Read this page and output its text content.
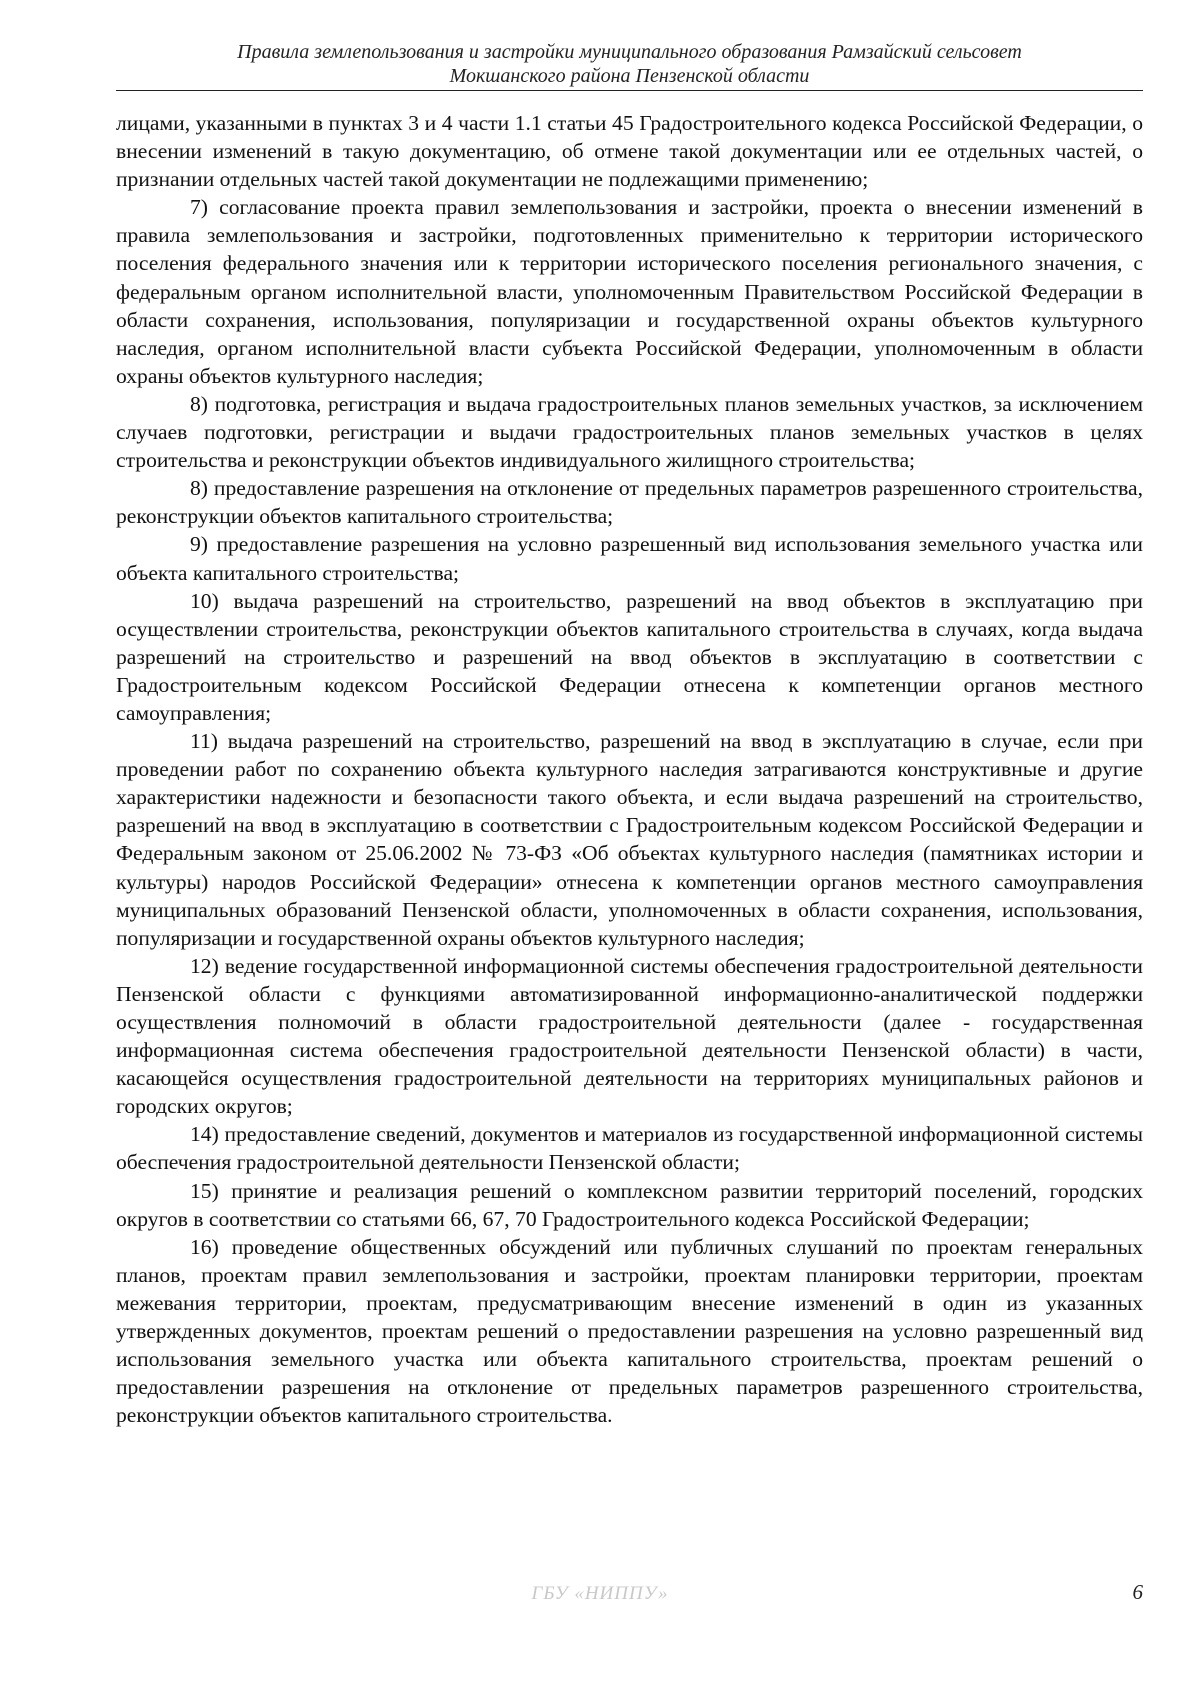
Правила землепользования и застройки муниципального образования Рамзайский сельсовет
Мокшанского района Пензенской области

лицами, указанными в пунктах 3 и 4 части 1.1 статьи 45 Градостроительного кодекса Российской Федерации, о внесении изменений в такую документацию, об отмене такой документации или ее отдельных частей, о признании отдельных частей такой документации не подлежащими применению;

7) согласование проекта правил землепользования и застройки, проекта о внесении изменений в правила землепользования и застройки, подготовленных применительно к территории исторического поселения федерального значения или к территории исторического поселения регионального значения, с федеральным органом исполнительной власти, уполномоченным Правительством Российской Федерации в области сохранения, использования, популяризации и государственной охраны объектов культурного наследия, органом исполнительной власти субъекта Российской Федерации, уполномоченным в области охраны объектов культурного наследия;

8) подготовка, регистрация и выдача градостроительных планов земельных участков, за исключением случаев подготовки, регистрации и выдачи градостроительных планов земельных участков в целях строительства и реконструкции объектов индивидуального жилищного строительства;

8) предоставление разрешения на отклонение от предельных параметров разрешенного строительства, реконструкции объектов капитального строительства;

9) предоставление разрешения на условно разрешенный вид использования земельного участка или объекта капитального строительства;

10) выдача разрешений на строительство, разрешений на ввод объектов в эксплуатацию при осуществлении строительства, реконструкции объектов капитального строительства в случаях, когда выдача разрешений на строительство и разрешений на ввод объектов в эксплуатацию в соответствии с Градостроительным кодексом Российской Федерации отнесена к компетенции органов местного самоуправления;

11) выдача разрешений на строительство, разрешений на ввод в эксплуатацию в случае, если при проведении работ по сохранению объекта культурного наследия затрагиваются конструктивные и другие характеристики надежности и безопасности такого объекта, и если выдача разрешений на строительство, разрешений на ввод в эксплуатацию в соответствии с Градостроительным кодексом Российской Федерации и Федеральным законом от 25.06.2002 № 73-ФЗ «Об объектах культурного наследия (памятниках истории и культуры) народов Российской Федерации» отнесена к компетенции органов местного самоуправления муниципальных образований Пензенской области, уполномоченных в области сохранения, использования, популяризации и государственной охраны объектов культурного наследия;

12) ведение государственной информационной системы обеспечения градостроительной деятельности Пензенской области с функциями автоматизированной информационно-аналитической поддержки осуществления полномочий в области градостроительной деятельности (далее - государственная информационная система обеспечения градостроительной деятельности Пензенской области) в части, касающейся осуществления градостроительной деятельности на территориях муниципальных районов и городских округов;

14) предоставление сведений, документов и материалов из государственной информационной системы обеспечения градостроительной деятельности Пензенской области;

15) принятие и реализация решений о комплексном развитии территорий поселений, городских округов в соответствии со статьями 66, 67, 70 Градостроительного кодекса Российской Федерации;

16) проведение общественных обсуждений или публичных слушаний по проектам генеральных планов, проектам правил землепользования и застройки, проектам планировки территории, проектам межевания территории, проектам, предусматривающим внесение изменений в один из указанных утвержденных документов, проектам решений о предоставлении разрешения на условно разрешенный вид использования земельного участка или объекта капитального строительства, проектам решений о предоставлении разрешения на отклонение от предельных параметров разрешенного строительства, реконструкции объектов капитального строительства.

ГБУ «НИППУ»	6
